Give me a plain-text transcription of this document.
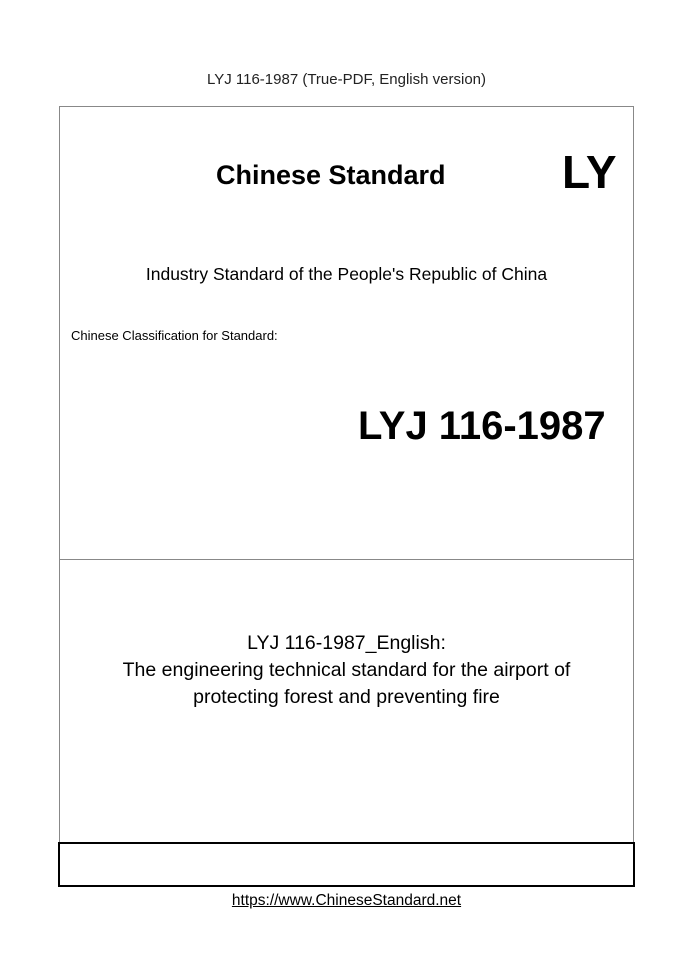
LYJ 116-1987 (True-PDF, English version)
Chinese Standard	LY
Industry Standard of the People's Republic of China
Chinese Classification for Standard:
LYJ 116-1987
LYJ 116-1987_English:
The engineering technical standard for the airport of
protecting forest and preventing fire
https://www.ChineseStandard.net
